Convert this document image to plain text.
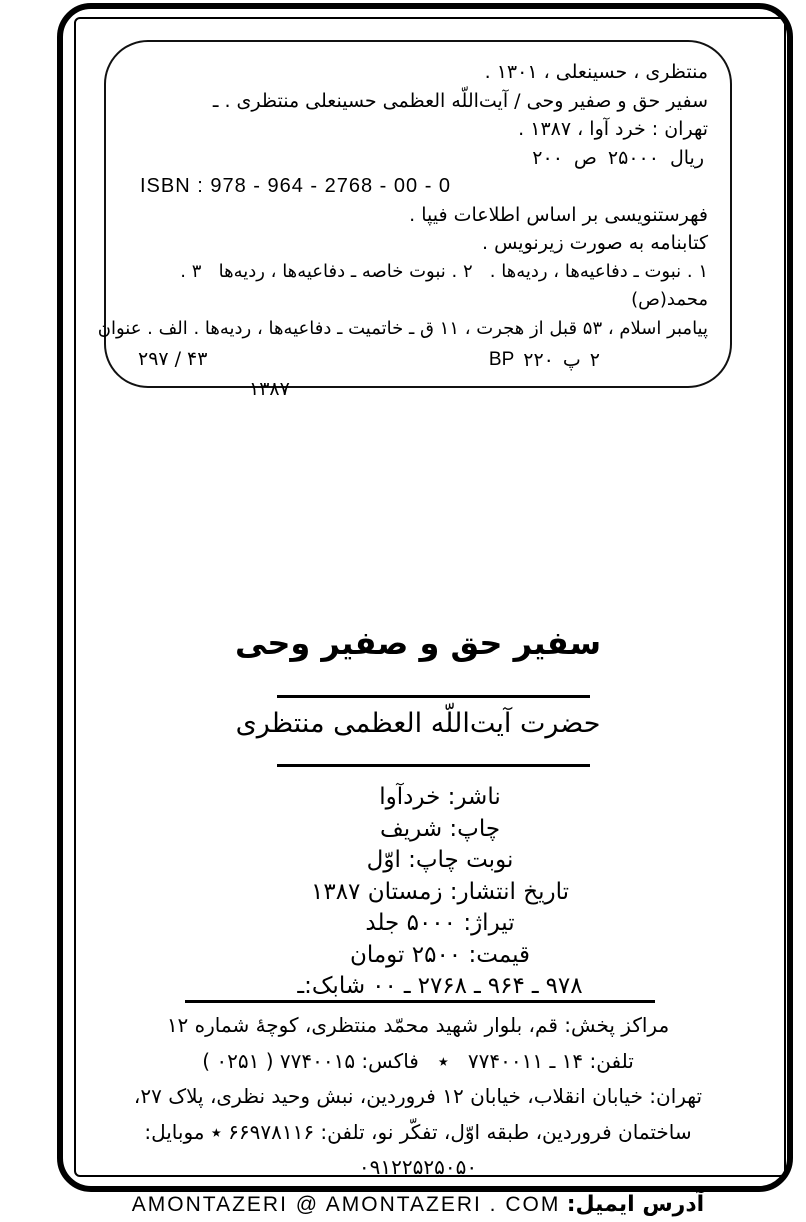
منتظری ، حسینعلی ، ۱۳۰۱ .
سفیر حق و صفیر وحی / آیت‌اللّه العظمی حسینعلی منتظری . ـ
تهران : خرد آوا ، ۱۳۸۷ .
۲۰۰ ص ۲۵۰۰۰ ریال
ISBN : 978 - 964 - 2768 - 00 - 0
فهرستنویسی بر اساس اطلاعات فیپا .
کتابنامه به صورت زیرنویس .
۱ . نبوت ـ دفاعیه‌ها ، ردیه‌ها .   ۲ . نبوت خاصه ـ دفاعیه‌ها ، ردیه‌ها   ۳ . محمد(ص)
پیامبر اسلام ، ۵۳ قبل از هجرت ، ۱۱ ق ـ خاتمیت ـ دفاعیه‌ها ، ردیه‌ها . الف . عنوان
۲۹۷ / ۴۳	BP ۲۲۰ پ ۲
۱۳۸۷
سفیر حق و صفیر وحی
حضرت آیت‌اللّه العظمی منتظری
ناشر: خردآوا
چاپ: شریف
نوبت چاپ: اوّل
تاریخ انتشار: زمستان ۱۳۸۷
تیراژ: ۵۰۰۰ جلد
قیمت: ۲۵۰۰ تومان
شابک:ـ ۰۰ ـ ۲۷۶۸ ـ ۹۶۴ ـ ۹۷۸
مراکز پخش: قم، بلوار شهید محمّد منتظری، کوچهٔ شماره ۱۲
تلفن: ۱۴ ـ ۷۷۴۰۰۱۱   ٭   فاکس: ۷۷۴۰۰۱۵ ( ۰۲۵۱ )
تهران: خیابان انقلاب، خیابان ۱۲ فروردین، نبش وحید نظری، پلاک ۲۷،
ساختمان فروردین، طبقه اوّل، تفکّر نو، تلفن: ۶۶۹۷۸۱۱۶ ٭ موبایل: ۰۹۱۲۲۵۲۵۰۵۰
آدرس ایمیل: AMONTAZERI @ AMONTAZERI . COM
